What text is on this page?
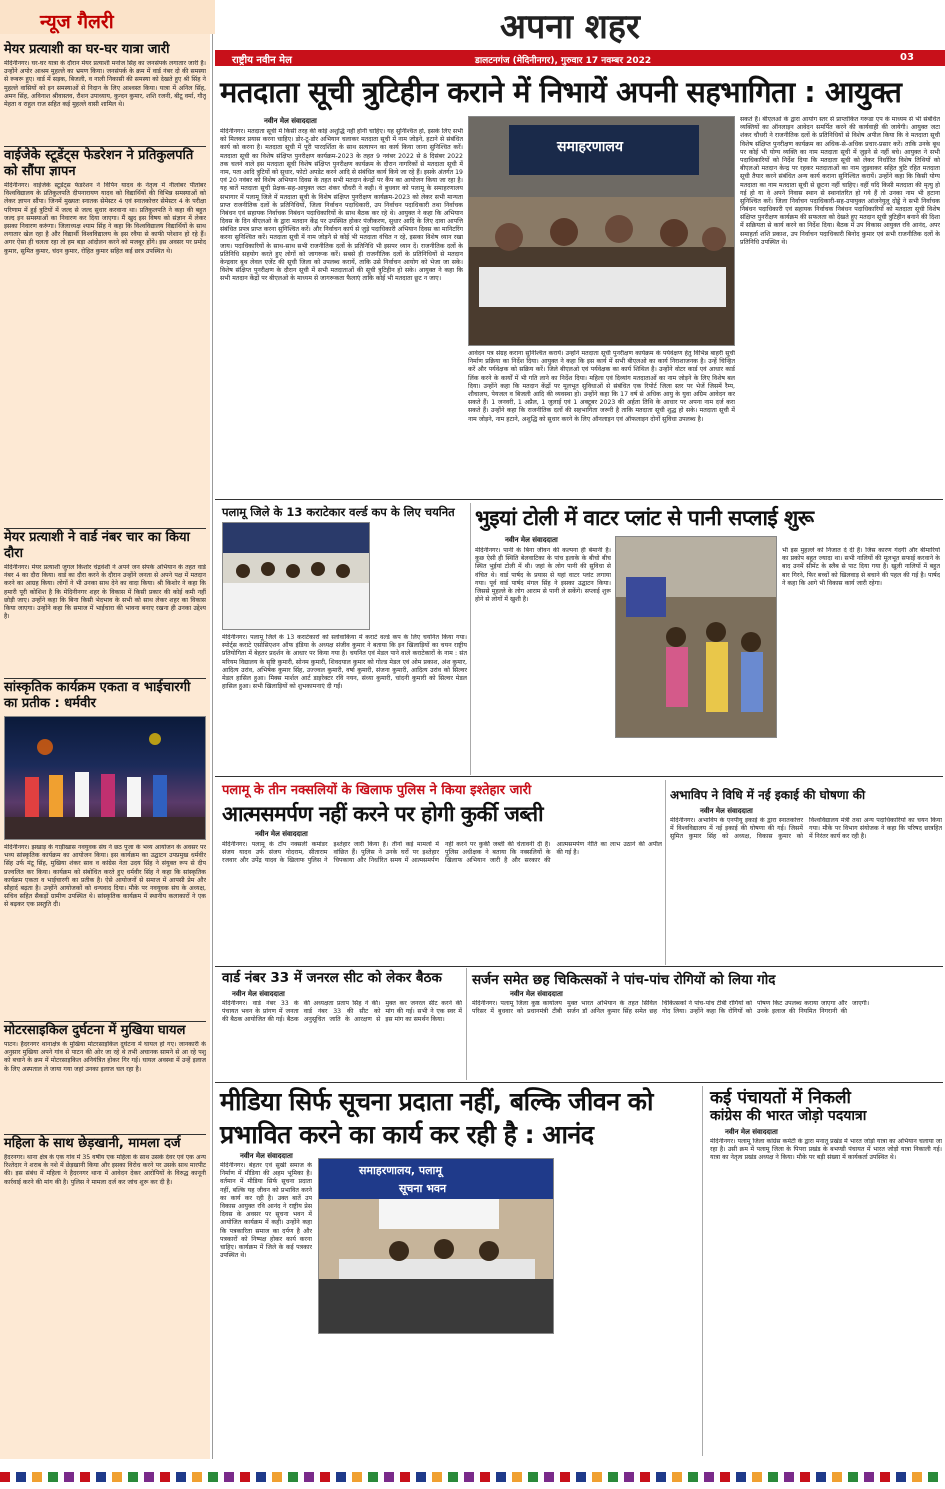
न्यूज गैलरी	अपना शहर
राष्ट्रीय नवीन मेल	डालटनगंज (मेदिनीनगर), गुरुवार 17 नवम्बर 2022	03
मेयर प्रत्याशी का घर-घर यात्रा जारी
मेदिनीनगर। घर-घर यात्रा के दौरान मेयर प्रत्याशी मनोज सिंह का जनसंपर्क लगातार जारी है। उन्होंने अपोर आश्रम मुहल्ले का भ्रमण किया। जनसंपर्क के क्रम में वार्ड नंबर दो की समस्या से रूबरू हुए। वार्ड में सड़क, बिजली, व नाली निकासी की समस्या को देखते हुए श्री सिंह ने मुहल्ले वासियों को इन समस्याओं से निदान के लिए आश्वस्त किया। यात्रा में अनिल सिंह, अमन सिंह, अविनाश श्रीवास्तव, रौशन उपाध्याय, कुन्दन कुमार, शशि रजनी, बीटू वर्मा, गौतू मेहता व राहुल राज सहित कई मुहल्ले वासी शामिल थे।
वाईजेके स्टूडेंट्स फेडरेशन ने प्रतिकुलपति को सौंपा ज्ञापन
मेदिनीनगर। वाईजेके स्टूडेंट्स फेडरेशन ने विपिन यादव के नेतृत्व में नीलांबर पीतांबर विश्वविद्यालय के प्रतिकुलपति दीपनारायण यादव को विद्यार्थियों की विभिन्न समस्याओं को लेकर ज्ञापन सौंपा। जिनमें मुख्यतः स्नातक सेमेस्टर 4 एवं स्नातकोत्तर सेमेस्टर 4 के परीक्षा परिणाम में हुई त्रुटियों में जल्द से जल्द सुधार करवाना था। प्रतिकुलपति ने कहा की बहुत जल्द इन समस्याओं का निवारण कर दिया जाएगा। मैं खुद इस विषय को संज्ञान में लेकर इसका निवारण करूंगा। जिलाध्यक्ष श्याम सिंह ने कहा कि विश्वविद्यालय विद्यार्थियों के साथ लगातार खेल रहा है और विद्यार्थी विश्वविद्यालय के इस रवैया से काफी परेशान हो रहे हैं। अगर ऐसा ही चलता रहा तो हम बड़ा आंदोलन करने को मजबूर होंगे। इस अवसर पर प्रमोद कुमार, सुमित कुमार, चंदन कुमार, रोहित कुमार सहित कई छात्र उपस्थित थे।
मेयर प्रत्याशी ने वार्ड नंबर चार का किया दौरा
मेदिनीनगर। मेयर प्रत्याशी जुगल किशोर चंद्रवंशी ने अपने जन संपर्क अभियान के तहत वार्ड नंबर 4 का दौरा किया। वार्ड का दौरा करने के दौरान उन्होंने जनता से अपने पक्ष में मतदान करने का आग्रह किया। लोगों ने भी उनका साथ देने का वादा किया। श्री किशोर ने कहा कि हमारी पूरी कोशिश है कि मेदिनीनगर शहर के विकास में किसी प्रकार की कोई कमी नहीं छोड़ी जाए। उन्होंने कहा कि बिना किसी भेदभाव के सभी को साथ लेकर शहर का विकास किया जाएगा। उन्होंने कहा कि समाज में भाईचारा की भावना बनाए रखना ही उनका उद्देश्य है।
सांस्कृतिक कार्यक्रम एकता व भाईचारगी का प्रतीक : धर्मवीर
मेदिनीनगर। झखाड़ के गाड़ीखास नवयुवक संघ ने छठ पूजा के भव्य आयोजन के अवसर पर भव्य सांस्कृतिक कार्यक्रम का आयोजन किया। इस कार्यक्रम का उद्घाटन उपप्रमुख धर्मवीर सिंह उर्फ मंटू सिंह, मुखिया शंकर साव व कांग्रेस नेता उदय सिंह ने संयुक्त रूप से दीप प्रज्वलित कर किया। कार्यक्रम को संबोधित करते हुए धर्मवीर सिंह ने कहा कि सांस्कृतिक कार्यक्रम एकता व भाईचारगी का प्रतीक है। ऐसे आयोजनों से समाज में आपसी प्रेम और सौहार्द बढ़ता है। उन्होंने आयोजकों को धन्यवाद दिया। मौके पर नवयुवक संघ के अध्यक्ष, सचिव सहित सैकड़ों ग्रामीण उपस्थित थे। सांस्कृतिक कार्यक्रम में स्थानीय कलाकारों ने एक से बढ़कर एक प्रस्तुति दी।
मोटरसाइकिल दुर्घटना में मुखिया घायल
पाटन। हैदरनगर थानाक्षेत्र के मुखिया मोटरसाइकिल दुर्घटना में घायल हो गए। जानकारी के अनुसार मुखिया अपने गांव से पाटन की ओर जा रहे थे तभी अचानक सामने से आ रहे पशु को बचाने के क्रम में मोटरसाइकिल अनियंत्रित होकर गिर गई। घायल अवस्था में उन्हें इलाज के लिए अस्पताल ले जाया गया जहां उनका इलाज चल रहा है।
महिला के साथ छेड़खानी, मामला दर्ज
हैदरनगर। थाना क्षेत्र के एक गांव में 35 वर्षीय एक महिला के साथ उसके देवर एवं एक अन्य रिश्तेदार ने शराब के नशे में छेड़खानी किया और इसका विरोध करने पर उसके साथ मारपीट की। इस संबंध में महिला ने हैदरनगर थाना में आवेदन देकर आरोपियों के विरुद्ध कानूनी कार्रवाई करने की मांग की है। पुलिस ने मामला दर्ज कर जांच शुरू कर दी है।
मतदाता सूची त्रुटिहीन कराने में निभायें अपनी सहभागिता : आयुक्त
नवीन मेल संवाददाता
मेदिनीनगर। मतदाता सूची में किसी तरह की कोई अशुद्धि नहीं होनी चाहिए। यह सुनिश्चित हो, इसके लिए सभी को मिलकर प्रयास करना चाहिए। डोर-टू-डोर अभियान चलाकर मतदाता सूची में नाम जोड़ने, हटाने से संबंधित कार्य को करना है। मतदाता सूची में पूरी पारदर्शिता के साथ सत्यापन का कार्य किया जाना सुनिश्चित करें। मतदाता सूची का विशेष संक्षिप्त पुनरीक्षण कार्यक्रम-2023 के तहत 9 नवंबर 2022 से 8 दिसंबर 2022 तक चलने वाले इस मतदाता सूची विशेष संक्षिप्त पुनरीक्षण कार्यक्रम के दौरान नागरिकों से मतदाता सूची में नाम, पता आदि त्रुटियों को सुधार, फोटो अपडेट करने आदि से संबंधित कार्य किये जा रहे हैं। इसके अंतर्गत 19 एवं 20 नवंबर को विशेष अभियान दिवस के तहत सभी मतदान केन्द्रों पर कैंप का आयोजन किया जा रहा है। यह बातें मतदाता सूची प्रेक्षक-सह-आयुक्त जटा शंकर चौधरी ने कही। वे बुधवार को पलामू के समाहरणालय सभागार में पलामू जिले में मतदाता सूची के विशेष संक्षिप्त पुनरीक्षण कार्यक्रम-2023 को लेकर सभी मान्यता प्राप्त राजनीतिक दलों के प्रतिनिधियों, जिला निर्वाचन पदाधिकारी, उप निर्वाचन पदाधिकारी तथा निर्वाचक निबंधन एवं सहायक निर्वाचक निबंधन पदाधिकारियों के साथ बैठक कर रहे थे। आयुक्त ने कहा कि अभियान दिवस के दिन बीएलओ के द्वारा मतदान केंद्र पर उपस्थित होकर पंजीकरण, सुधार आदि के लिए दावा आपत्ति संबंधित प्रपत्र प्राप्त करना सुनिश्चित करें। और निर्वाचन कार्य से जुड़े पदाधिकारी अभियान दिवस का मानिटरिंग करना सुनिश्चित करें। मतदाता सूची में नाम जोड़ने से कोई भी मतदाता वंचित न रहे, इसका विशेष ध्यान रखा जाय। पदाधिकारियों के साथ-साथ सभी राजनीतिक दलों के प्रतिनिधि भी इसपर ध्यान दें। राजनीतिक दलों के प्रतिनिधि सहयोग करते हुए लोगों को जागरूक करें। सबसे ही राजनीतिक दलों के प्रतिनिधियों से मतदान केन्द्रवार बूथ लेवल एजेंट की सूची जिला को उपलब्ध करायें, ताकि उसे निर्वाचन आयोग को भेजा जा सके। विशेष संक्षिप्त पुनरीक्षण के दौरान सूची में सभी मतदाताओं की सूची त्रुटिहीन हो सके। आयुक्त ने कहा कि सभी मतदान केंद्रों पर बीएलओ के माध्यम से जागरूकता फैलाएं ताकि कोई भी मतदाता छूट न जाए।
समाहरणालय
आवेदन पत्र संग्रह कराना सुनिश्चित करायें। उन्होंने मतदाता सूची पुनरीक्षण कार्यक्रम के पर्यवेक्षण हेतु विभिन्न बाहरी सूची निर्माण प्रक्रिया का निर्देश दिया। आयुक्त ने कहा कि इस कार्य में सभी बीएलओ का कार्य निराशाजनक है। उन्हें चिन्हित करें और पर्यवेक्षक को सक्रिय करें। जिले बीएलओ एवं पर्यवेक्षक का कार्य शिथिल है। उन्होंने वोटर कार्ड एवं आधार कार्ड लिंक करने के कार्यों में भी गति लाने का निर्देश दिया। महिला एवं दिव्यांग मतदाताओं का नाम जोड़ने के लिए विशेष बल दिया। उन्होंने कहा कि मतदान केंद्रों पर मूलभूत सुविधाओं से संबंधित एक रिपोर्ट जिला स्तर पर भेजें जिसमें रैम्प, शौचालय, पेयजल व बिजली आदि की व्यवस्था हो। उन्होंने कहा कि 17 वर्ष से अधिक आयु के युवा अग्रिम आवेदन कर सकते हैं। 1 जनवरी, 1 अप्रैल, 1 जुलाई एवं 1 अक्टूबर 2023 की अर्हता तिथि के आधार पर अपना नाम दर्ज करा सकते हैं। उन्होंने कहा कि राजनीतिक दलों की सहभागिता जरूरी है ताकि मतदाता सूची शुद्ध हो सके। मतदाता सूची में नाम जोड़ने, नाम हटाने, अशुद्धि को सुधार करने के लिए ऑनलाइन एवं ऑफलाइन दोनों सुविधा उपलब्ध है।
सकते हैं। बीएलओ के द्वारा आयोग स्तर से प्राप्तांकित गरूडा एप के माध्यम से भी संबंधित व्यक्तियों का ऑनलाइन आवेदन समर्पित करने की कार्यवाही की जायेगी। आयुक्त जटा शंकर चौधरी ने राजनीतिक दलों के प्रतिनिधियों से विशेष अपील किया कि वे मतदाता सूची विशेष संक्षिप्त पुनरीक्षण कार्यक्रम का अधिक-से-अधिक प्रचार-प्रसार करें। ताकि उनके बूथ पर कोई भी योग्य व्यक्ति का नाम मतदाता सूची में जुड़ने से नहीं बचे। आयुक्त ने सभी पदाधिकारियों को निर्देश दिया कि मतदाता सूची को लेकर निर्धारित विशेष तिथियों को बीएलओ मतदान केन्द्र पर रहकर मतदाताओं का नाम जुड़वाकर सहित त्रुटि रहित मतदाता सूची तैयार करने संबंधित अन्य कार्य कराना सुनिश्चित करायें। उन्होंने कहा कि किसी योग्य मतदाता का नाम मतदाता सूची से छूटना नहीं चाहिए। वहीं यदि किसी मतदाता की मृत्यु हो गई हो या वे अपने निवास स्थान से स्थानांतरित हो गये हैं तो उनका नाम भी हटाना सुनिश्चित करें। जिला निर्वाचन पदाधिकारी-सह-उपायुक्त आंजनेयुलु दोड्डे ने सभी निर्वाचक निबंधन पदाधिकारी एवं सहायक निर्वाचक निबंधन पदाधिकारियों को मतदाता सूची विशेष संक्षिप्त पुनरीक्षण कार्यक्रम की सफलता को देखते हुए मतदान सूची त्रुटिहीन बनाने की दिशा में सक्रियता से कार्य करने का निर्देश दिया। बैठक में उप विकास आयुक्त रवि आनंद, अपर समाहर्ता शशि प्रकाश, उप निर्वाचन पदाधिकारी बिनोद कुमार एवं सभी राजनीतिक दलों के प्रतिनिधि उपस्थित थे।
पलामू जिले के 13 कराटेकार वर्ल्ड कप के लिए चयनित
मेदिनीनगर। पलामू जिले के 13 कराटेकारों को स्लोवाकिया में कराटे वर्ल्ड कप के लिए चयनित किया गया। स्पोर्ट्स कराटे एसोसिएशन ऑफ इंडिया के अध्यक्ष संजीव कुमार ने बताया कि इन खिलाड़ियों का चयन राष्ट्रीय प्रतियोगिता में बेहतर प्रदर्शन के आधार पर किया गया है। चयनित एवं मेडल पाने वाले कराटेकारों के नाम : संत मरियम विद्यालय के सृष्टि कुमारी, सोनम कुमारी, शिवदयाल कुमार को गोल्ड मेडल एवं ओम प्रकाश, अंश कुमार, आदित्य उरांव, अभिषेक कुमार सिंह, उज्ज्वल कुमारी, वर्षा कुमारी, संजना कुमारी, आदित्य उरांव को सिल्वर मेडल हासिल हुआ। मिक्स मार्शल आर्ट डाइरेक्टर रवि नयन, संध्या कुमारी, चांदनी कुमारी को सिल्वर मेडल हासिल हुआ। सभी खिलाड़ियों को शुभकामनाएं दी गईं।
भुइयां टोली में वाटर प्लांट से पानी सप्लाई शुरू
नवीन मेल संवाददाता
मेदिनीनगर। पानी के बिना जीवन की कल्पना ही बेमानी है। कुछ ऐसी ही स्थिति बेलवाटिका के पांच इलाके के बीचो बीच स्थित भुईयां टोली में थी। जहां के लोग पानी की सुविधा से वंचित थे। वार्ड पार्षद के प्रयास से यहां वाटर प्लांट लगाया गया। पूर्व वार्ड पार्षद मंगल सिंह ने इसका उद्घाटन किया। जिससे मुहल्ले के लोग आराम से पानी ले सकेंगे। सप्लाई शुरू होने से लोगों में खुशी है।
भी इस मुहल्ले को निजात दे दी है। जिस कारण गंदगी और बीमारियों का प्रकोप बहुत ज्यादा था। सभी नालियों की मूलभूत सफाई करवाने के बाद उनमें सीमेंट के स्लैब से पाट दिया गया है। खुली नालियों में बहुत बार गिरने, फिर बच्चों को खिलवाड़ से बचाने की पहल की गई है। पार्षद ने कहा कि आगे भी विकास कार्य जारी रहेगा।
पलामू के तीन नक्सलियों के खिलाफ पुलिस ने किया इश्तेहार जारी
आत्मसमर्पण नहीं करने पर होगी कुर्की जब्ती
नवीन मेल संवाददाता
मेदिनीनगर। पलामू के टॉप नक्सली कमांडर संजय यादव उर्फ संजय गोदराम, सीताराम रजवार और उपेंद्र यादव के खिलाफ पुलिस ने इश्तेहार जारी किया है। तीनों कई मामलों में वांछित हैं। पुलिस ने उनके घरों पर इश्तेहार चिपकाया और निर्धारित समय में आत्मसमर्पण नहीं करने पर कुर्की जब्ती की चेतावनी दी है। पुलिस अधीक्षक ने बताया कि नक्सलियों के खिलाफ अभियान जारी है और सरकार की आत्मसमर्पण नीति का लाभ उठाने की अपील की गई है।
अभाविप ने विधि में नई इकाई की घोषणा की
नवीन मेल संवाददाता
मेदिनीनगर। अभाविप के एनपीयू इकाई के द्वारा स्नातकोत्तर में विश्वविद्यालय में नई इकाई की घोषणा की गई। जिसमें सुमित कुमार सिंह को अध्यक्ष, विकास कुमार को विश्वविद्यालय मंत्री तथा अन्य पदाधिकारियों का चयन किया गया। मौके पर विभाग संयोजक ने कहा कि परिषद छात्रहित में निरंतर कार्य कर रही है।
वार्ड नंबर 33 में जनरल सीट को लेकर बैठक
नवीन मेल संवाददाता
मेदिनीनगर। वार्ड नंबर 33 के पंचायत भवन के प्रांगण में जनता की बैठक आयोजित की गई। बैठक की अध्यक्षता प्रताप सिंह ने की। वार्ड नंबर 33 की सीट को अनुसूचित जाति के आरक्षण से मुक्त कर जनरल सीट करने की मांग की गई। सभी ने एक स्वर में इस मांग का समर्थन किया।
सर्जन समेत छह चिकित्सकों ने पांच-पांच रोगियों को लिया गोद
नवीन मेल संवाददाता
मेदिनीनगर। पलामू जिला कुष्ठ कार्यालय परिसर में बुधवार को प्रधानमंत्री टीबी मुक्त भारत अभियान के तहत सिविल सर्जन डॉ अनिल कुमार सिंह समेत छह चिकित्सकों ने पांच-पांच टीबी रोगियों को गोद लिया। उन्होंने कहा कि रोगियों को पोषण किट उपलब्ध कराया जाएगा और उनके इलाज की नियमित निगरानी की जाएगी।
मीडिया सिर्फ सूचना प्रदाता नहीं, बल्कि जीवन को प्रभावित करने का कार्य कर रही है : आनंद
नवीन मेल संवाददाता
समाहरणालय, पलामू
सूचना भवन
मेदिनीनगर। बेहतर एवं सुखी समाज के निर्माण में मीडिया की अहम भूमिका है। वर्तमान में मीडिया सिर्फ सूचना प्रदाता नहीं, बल्कि यह जीवन को प्रभावित करने का कार्य कर रही है। उक्त बातें उप विकास आयुक्त रवि आनंद ने राष्ट्रीय प्रेस दिवस के अवसर पर सूचना भवन में आयोजित कार्यक्रम में कही। उन्होंने कहा कि पत्रकारिता समाज का दर्पण है और पत्रकारों को निष्पक्ष होकर कार्य करना चाहिए। कार्यक्रम में जिले के कई पत्रकार उपस्थित थे।
कई पंचायतों में निकली
कांग्रेस की भारत जोड़ो पदयात्रा
नवीन मेल संवाददाता
मेदिनीनगर। पलामू जिला कांग्रेस कमेटी के द्वारा मनातू प्रखंड में भारत जोड़ो यात्रा का अभियान चलाया जा रहा है। उसी क्रम में पलामू जिला के पिपरा प्रखंड के बभण्डी पंचायत में भारत जोड़ो यात्रा निकाली गई। यात्रा का नेतृत्व प्रखंड अध्यक्ष ने किया। मौके पर बड़ी संख्या में कार्यकर्ता उपस्थित थे।
